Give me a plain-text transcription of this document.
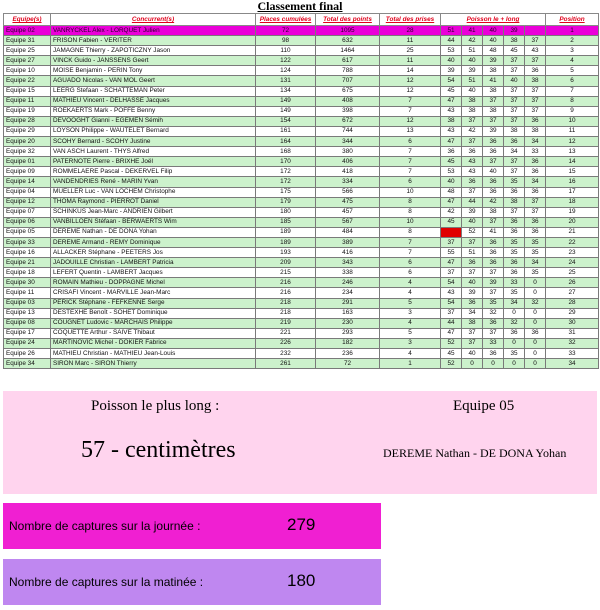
Classement final
Equipe(s)	Concurrent(s)	Places cumulées	Total des points	Total des prises	Poisson le + long					Position
Equipe 02	VANRYCKEL Alex - LORQUET Julien	72	1095	28	51	41	40	39		1
Equipe 31	FRISON Fabien - VERITER	98	632	11	44	42	40	38	37	2
Equipe 25	JAMAGNE Thierry - ZAPOTICZNY Jason	110	1464	25	53	51	48	45	43	3
Equipe 27	VINCK Guido - JANSSENS Geert	122	617	11	40	40	39	37	37	4
Equipe 10	MOISE Benjamin - PERIN Tony	124	788	14	39	39	38	37	36	5
Equipe 22	AGUADO Nicolas - VAN MOL Geert	131	707	12	54	51	41	40	38	6
Equipe 15	LEERG Stefaan - SCHATTEMAN Peter	134	675	12	45	40	38	37	37	7
Equipe 11	MATHIEU Vincent - DELHASSE Jacques	149	408	7	47	38	37	37	37	8
Equipe 19	ROEKAERTS Mark - POFFE Benny	149	398	7	43	38	38	37	37	9
Equipe 28	DEVOOGHT Gianni - EGEMEN Sémih	154	672	12	38	37	37	37	36	10
Equipe 29	LOYSON Philippe - WAUTELET Bernard	161	744	13	43	42	39	38	38	11
Equipe 20	SCOHY Bernard - SCOHY Justine	164	344	6	47	37	36	36	34	12
Equipe 32	VAN ASCH Laurent - THYS Alfred	168	380	7	36	36	36	34	33	13
Equipe 01	PATERNOTE Pierre - BRIXHE Joël	170	406	7	45	43	37	37	36	14
Equipe 09	ROMMELAERE Pascal - DEKERVEL Filip	172	418	7	53	43	40	37	36	15
Equipe 14	VANDENDRIES René - MARIN Yvan	172	334	6	40	36	36	35	34	16
Equipe 04	MUELLER Luc - VAN LOCHEM Christophe	175	566	10	48	37	36	36	36	17
Equipe 12	THOMA Raymond - PIERROT Daniel	179	475	8	47	44	42	38	37	18
Equipe 07	SCHINKUS Jean-Marc - ANDRIEN Gilbert	180	457	8	42	39	38	37	37	19
Equipe 06	VANBILLOEN Stéfaan - BERWAERTS Wim	185	567	10	45	40	37	36	36	20
Equipe 05	DEREME Nathan - DE DONA Yohan	189	484	8	57	52	41	36	36	21
Equipe 33	DEREME Armand - REMY Dominique	189	389	7	37	37	36	35	35	22
Equipe 16	ALLACKER Stéphane - PEETERS Jos	193	416	7	55	51	36	35	35	23
Equipe 21	JADOUILLE Christian - LAMBERT Patricia	209	343	6	47	36	36	36	34	24
Equipe 18	LEFERT Quentin - LAMBERT Jacques	215	338	6	37	37	37	36	35	25
Equipe 30	ROMAIN Mathieu - DOPPAGNE Michel	216	246	4	54	40	39	33	0	26
Equipe 11	CRISAFI Vincent - MARVILLE Jean-Marc	216	234	4	43	39	37	35	0	27
Equipe 03	PERICK Stéphane - FEFKENNE Serge	218	291	5	54	36	35	34	32	28
Equipe 13	DESTEXHE Benoît - SOHET Dominique	218	163	3	37	34	32	0	0	29
Equipe 08	COUGNET Ludovic - MARCHAIS Philippe	219	230	4	44	38	36	32	0	30
Equipe 17	COQUETTE Arthur - SAIVE Thibaut	221	293	5	47	37	37	36	36	31
Equipe 24	MARTINOVIC Michel - DOKIER Fabrice	226	182	3	52	37	33	0	0	32
Equipe 26	MATHIEU Christian - MATHIEU Jean-Louis	232	236	4	45	40	36	35	0	33
Equipe 34	SIRON Marc - SIRON Thierry	261	72	1	52	0	0	0	0	34
Poisson le plus long :	Equipe 05
57 - centimètres	DEREME Nathan - DE DONA Yohan
Nombre de captures sur la journée :	279
Nombre de captures sur la matinée :	180
